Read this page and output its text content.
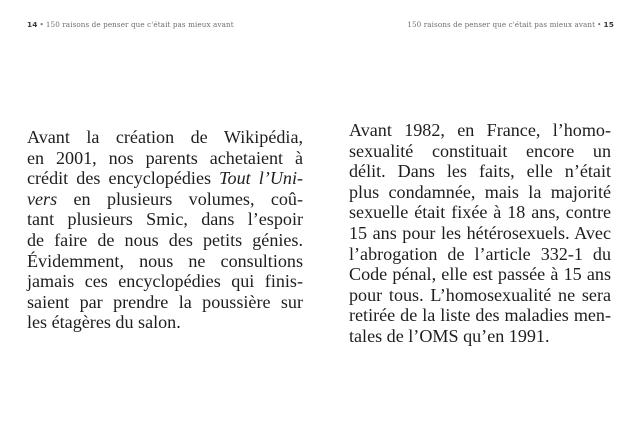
14 • 150 raisons de penser que c'était pas mieux avant

Avant la création de Wikipédia,
en 2001, nos parents achetaient à
crédit des encyclopédies Tout l’Uni-
vers en plusieurs volumes, coû-
tant plusieurs Smic, dans l’espoir
de faire de nous des petits génies.
Évidemment, nous ne consultions
jamais ces encyclopédies qui finis-
saient par prendre la poussière sur
les étagères du salon.

150 raisons de penser que c'était pas mieux avant • 15

Avant 1982, en France, l’homo-
sexualité constituait encore un
délit. Dans les faits, elle n’était
plus condamnée, mais la majorité
sexuelle était fixée à 18 ans, contre
15 ans pour les hétérosexuels. Avec
l’abrogation de l’article 332-1 du
Code pénal, elle est passée à 15 ans
pour tous. L’homosexualité ne sera
retirée de la liste des maladies men-
tales de l’OMS qu’en 1991.
